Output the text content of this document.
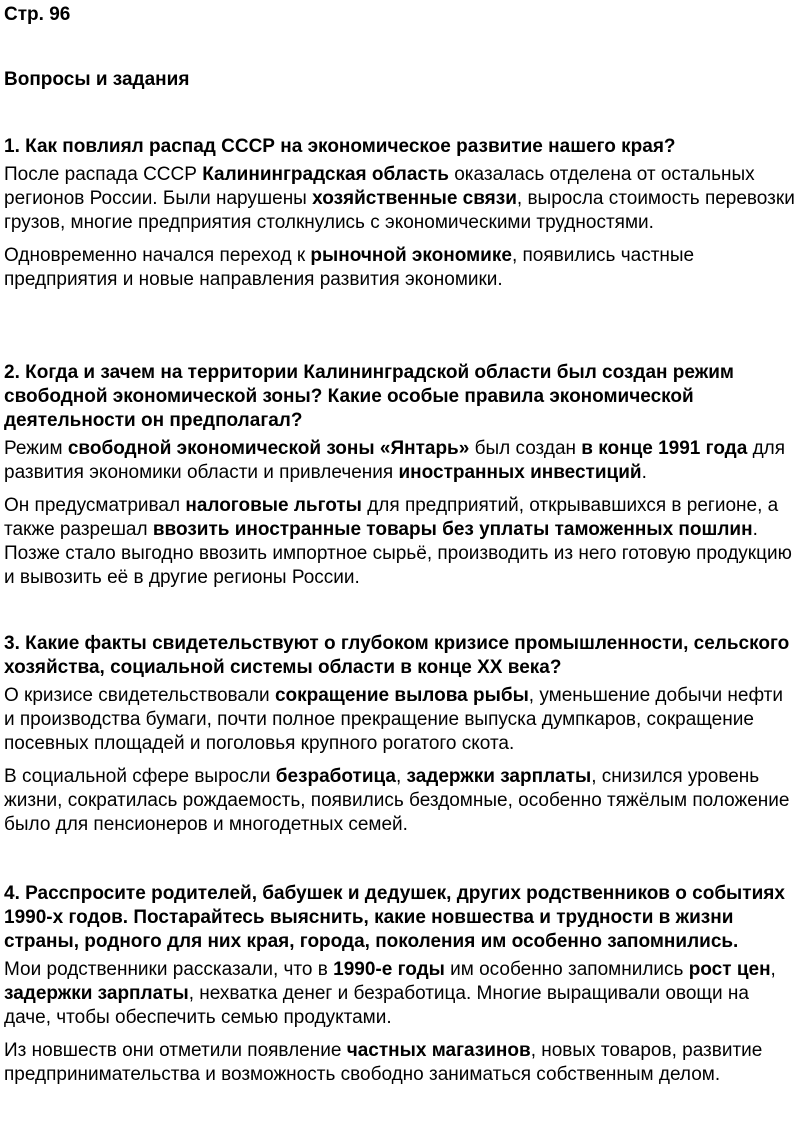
Стр. 96

Вопросы и задания

1. Как повлиял распад СССР на экономическое развитие нашего края?

После распада СССР Калининградская область оказалась отделена от остальных регионов России. Были нарушены хозяйственные связи, выросла стоимость перевозки грузов, многие предприятия столкнулись с экономическими трудностями.

Одновременно начался переход к рыночной экономике, появились частные предприятия и новые направления развития экономики.

2. Когда и зачем на территории Калининградской области был создан режим свободной экономической зоны? Какие особые правила экономической деятельности он предполагал?

Режим свободной экономической зоны «Янтарь» был создан в конце 1991 года для развития экономики области и привлечения иностранных инвестиций.

Он предусматривал налоговые льготы для предприятий, открывавшихся в регионе, а также разрешал ввозить иностранные товары без уплаты таможенных пошлин. Позже стало выгодно ввозить импортное сырьё, производить из него готовую продукцию и вывозить её в другие регионы России.

3. Какие факты свидетельствуют о глубоком кризисе промышленности, сельского хозяйства, социальной системы области в конце XX века?

О кризисе свидетельствовали сокращение вылова рыбы, уменьшение добычи нефти и производства бумаги, почти полное прекращение выпуска думпкаров, сокращение посевных площадей и поголовья крупного рогатого скота.

В социальной сфере выросли безработица, задержки зарплаты, снизился уровень жизни, сократилась рождаемость, появились бездомные, особенно тяжёлым положение было для пенсионеров и многодетных семей.

4. Расспросите родителей, бабушек и дедушек, других родственников о событиях 1990-х годов. Постарайтесь выяснить, какие новшества и трудности в жизни страны, родного для них края, города, поколения им особенно запомнились.

Мои родственники рассказали, что в 1990-е годы им особенно запомнились рост цен, задержки зарплаты, нехватка денег и безработица. Многие выращивали овощи на даче, чтобы обеспечить семью продуктами.

Из новшеств они отметили появление частных магазинов, новых товаров, развитие предпринимательства и возможность свободно заниматься собственным делом.
